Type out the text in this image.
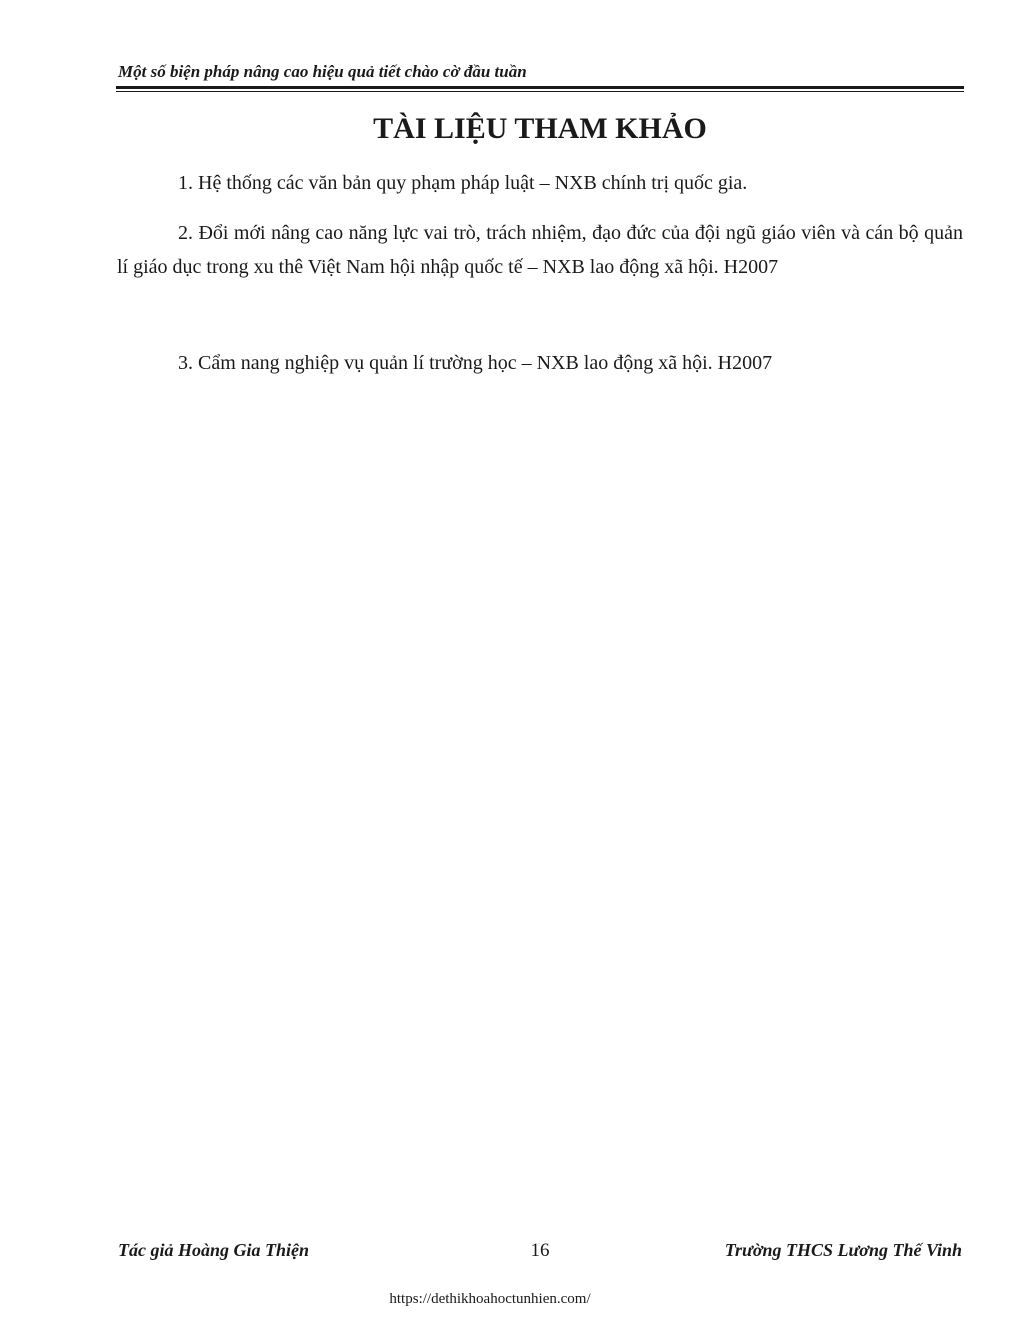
Một số biện pháp nâng cao hiệu quả tiết chào cờ đầu tuần
TÀI LIỆU THAM KHẢO

1. Hệ thống các văn bản quy phạm pháp luật – NXB chính trị quốc gia.

2. Đổi mới nâng cao năng lực vai trò, trách nhiệm, đạo đức của đội ngũ giáo viên và cán bộ quản lí giáo dục trong xu thê Việt Nam hội nhập quốc tế – NXB lao động xã hội. H2007

3. Cẩm nang nghiệp vụ quản lí trường học – NXB lao động xã hội. H2007

Tác giả Hoàng Gia Thiện	16	Trường THCS Lương Thế Vinh
https://dethikhoahoctunhien.com/
